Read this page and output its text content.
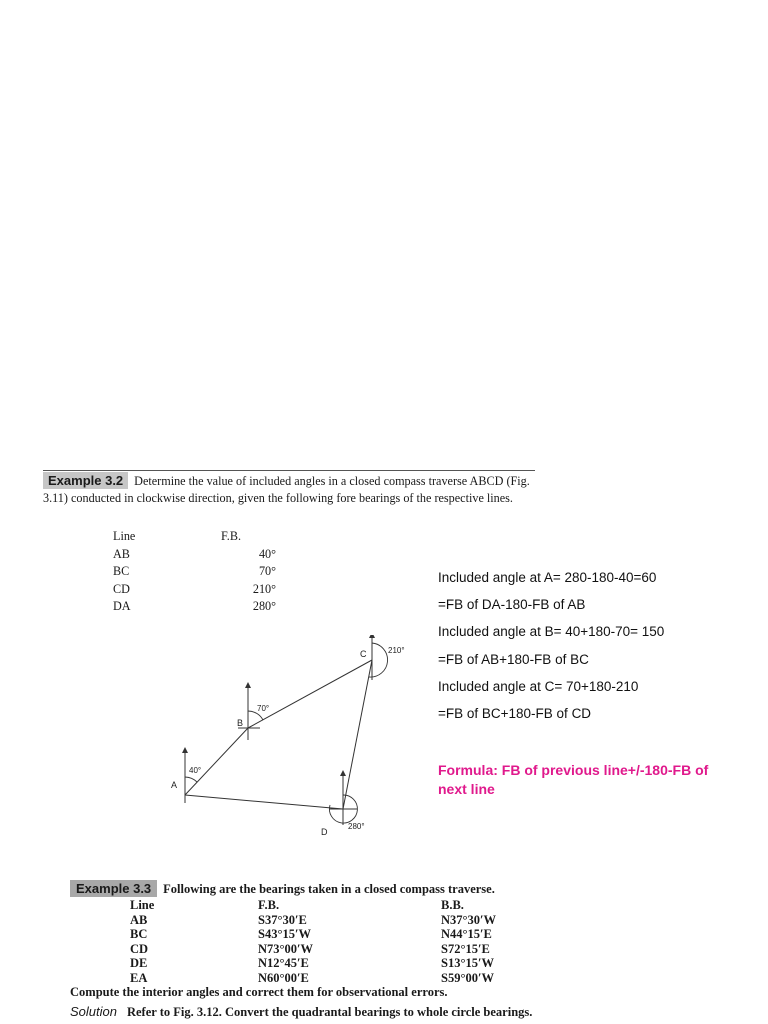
Example 3.2 Determine the value of included angles in a closed compass traverse ABCD (Fig. 3.11) conducted in clockwise direction, given the following fore bearings of the respective lines.
Line	F.B.
AB	40°
BC	70°
CD	210°
DA	280°
Included angle at A= 280-180-40=60
=FB of DA-180-FB of AB
Included angle at B= 40+180-70= 150
=FB of AB+180-FB of BC
Included angle at C= 70+180-210
=FB of BC+180-FB of CD
Formula: FB of previous line+/-180-FB of next line
A
B
C
D
40°
70°
210°
280°
Example 3.3 Following are the bearings taken in a closed compass traverse.
Line	F.B.	B.B.
AB	S37°30′E	N37°30′W
BC	S43°15′W	N44°15′E
CD	N73°00′W	S72°15′E
DE	N12°45′E	S13°15′W
EA	N60°00′E	S59°00′W
Compute the interior angles and correct them for observational errors.
Solution Refer to Fig. 3.12. Convert the quadrantal bearings to whole circle bearings.
